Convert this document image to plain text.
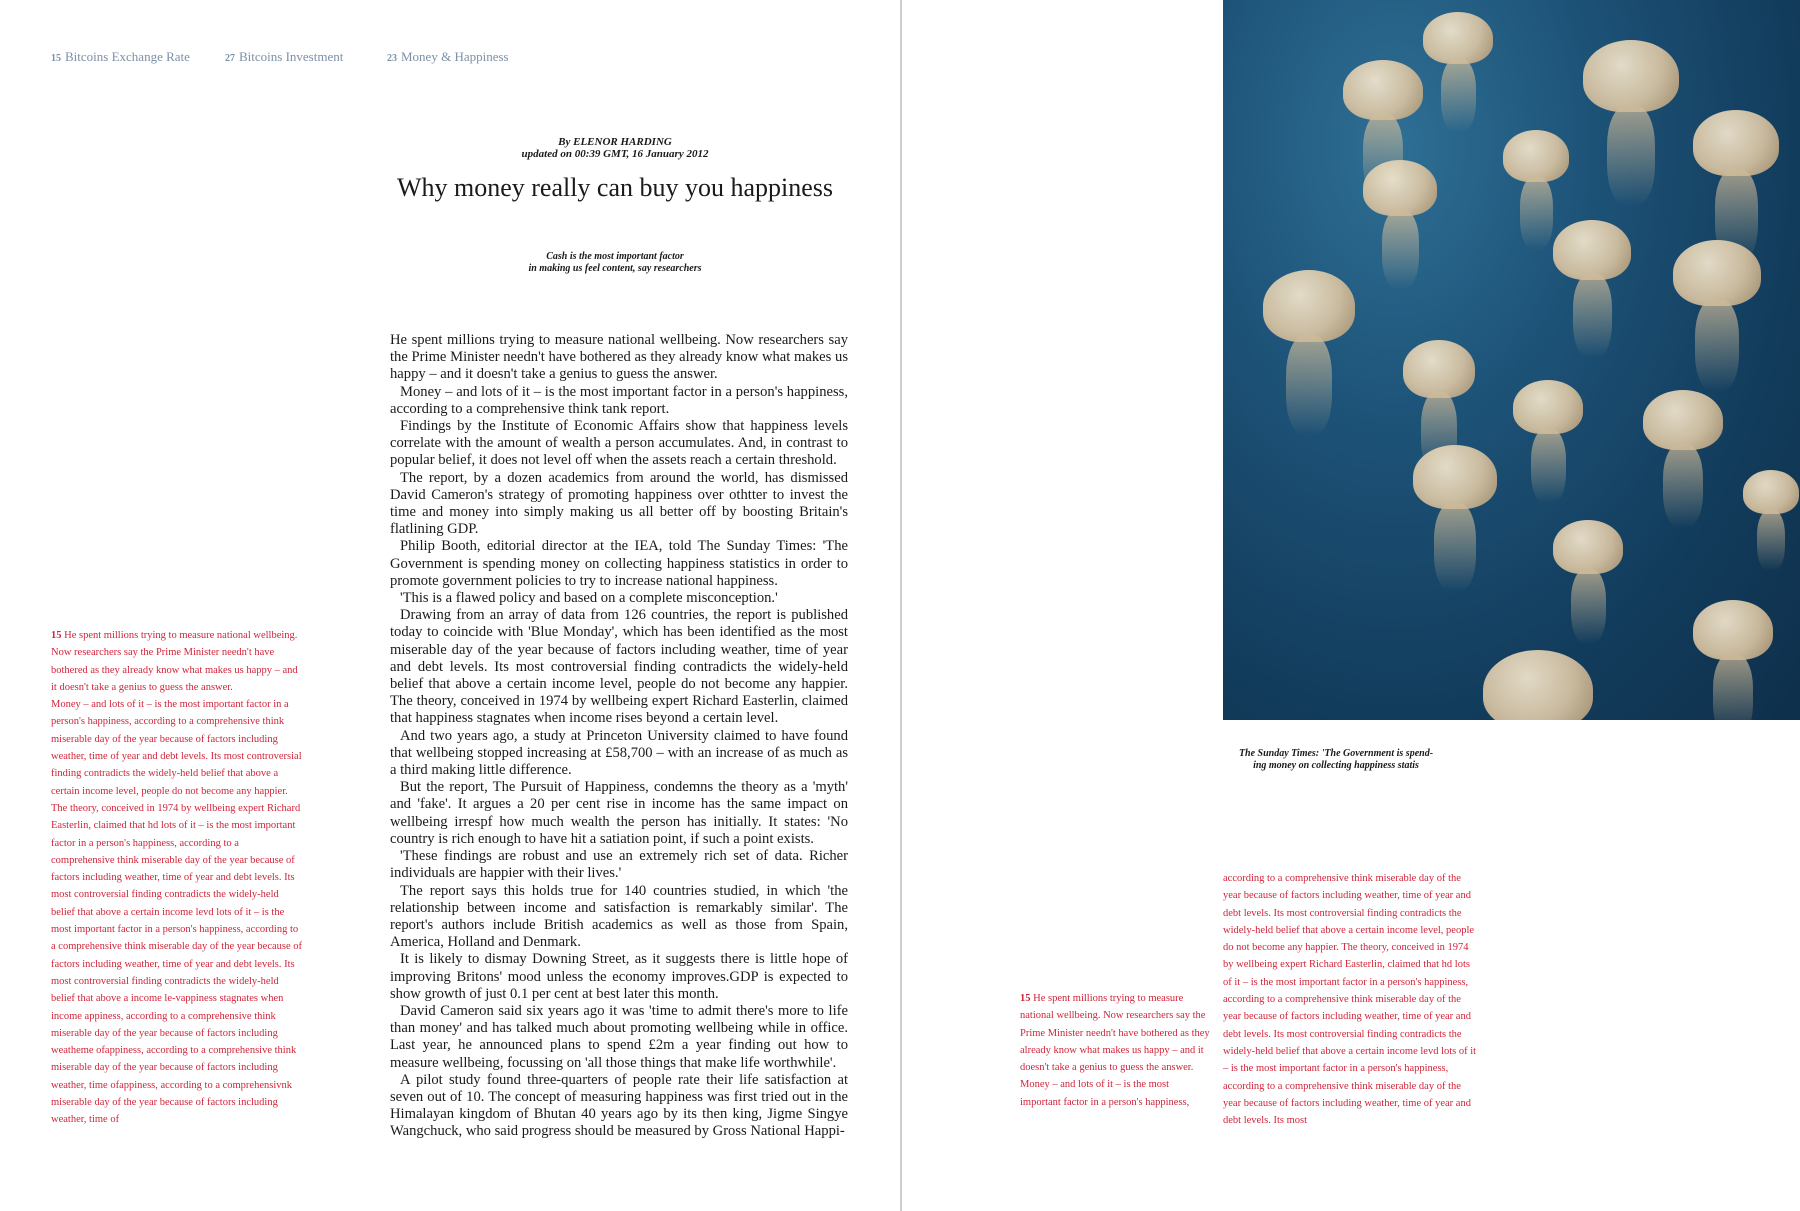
15 Bitcoins Exchange Rate	27 Bitcoins Investment	23 Money & Happiness
By ELENOR HARDING
updated on 00:39 GMT, 16 January 2012
Why money really can buy you happiness
Cash is the most important factor
in making us feel content, say researchers

He spent millions trying to measure national wellbeing. Now researchers say the Prime Minister needn't have bothered as they already know what makes us happy – and it doesn't take a genius to guess the answer.

Money – and lots of it – is the most important factor in a person's happiness, according to a comprehensive think tank report.

Findings by the Institute of Economic Affairs show that happiness levels correlate with the amount of wealth a person accumulates. And, in contrast to popular belief, it does not level off when the assets reach a certain threshold.

The report, by a dozen academics from around the world, has dismissed David Cameron's strategy of promoting happiness over othtter to invest the time and money into simply making us all better off by boosting Britain's flatlining GDP.

Philip Booth, editorial director at the IEA, told The Sunday Times: 'The Government is spending money on collecting happiness statistics in order to promote government policies to try to increase national happiness.

'This is a flawed policy and based on a complete misconception.'

Drawing from an array of data from 126 countries, the report is published today to coincide with 'Blue Monday', which has been identified as the most miserable day of the year because of factors including weather, time of year and debt levels. Its most controversial finding contradicts the widely-held belief that above a certain income level, people do not become any happier. The theory, conceived in 1974 by wellbeing expert Richard Easterlin, claimed that happiness stagnates when income rises beyond a certain level.

And two years ago, a study at Princeton University claimed to have found that wellbeing stopped increasing at £58,700 – with an increase of as much as a third making little difference.

But the report, The Pursuit of Happiness, condemns the theory as a 'myth' and 'fake'. It argues a 20 per cent rise in income has the same impact on wellbeing irrespf how much wealth the person has initially. It states: 'No country is rich enough to have hit a satiation point, if such a point exists.

'These findings are robust and use an extremely rich set of data. Richer individuals are happier with their lives.'

The report says this holds true for 140 countries studied, in which 'the relationship between income and satisfaction is remarkably similar'. The report's authors include British academics as well as those from Spain, America, Holland and Denmark.

It is likely to dismay Downing Street, as it suggests there is little hope of improving Britons' mood unless the economy improves.GDP is expected to show growth of just 0.1 per cent at best later this month.

David Cameron said six years ago it was 'time to admit there's more to life than money' and has talked much about promoting wellbeing while in office. Last year, he announced plans to spend £2m a year finding out how to measure wellbeing, focussing on 'all those things that make life worthwhile'.

A pilot study found three-quarters of people rate their life satisfaction at seven out of 10. The concept of measuring happiness was first tried out in the Himalayan kingdom of Bhutan 40 years ago by its then king, Jigme Singye Wangchuck, who said progress should be measured by Gross National Happi-

15 He spent millions trying to measure national wellbeing. Now researchers say the Prime Minister needn't have bothered as they already know what makes us happy – and it doesn't take a genius to guess the answer.

Money – and lots of it – is the most important factor in a person's happiness, according to a comprehensive think miserable day of the year because of factors including weather, time of year and debt levels. Its most controversial finding contradicts the widely-held belief that above a certain income level, people do not become any happier. The theory, conceived in 1974 by wellbeing expert Richard Easterlin, claimed that hd lots of it – is the most important factor in a person's happiness, according to a comprehensive think miserable day of the year because of factors including weather, time of year and debt levels. Its most controversial finding contradicts the widely-held belief that above a certain income levd lots of it – is the most important factor in a person's happiness, according to a comprehensive think miserable day of the year because of factors including weather, time of year and debt levels. Its most controversial finding contradicts the widely-held belief that above a income le-vappiness stagnates when income appiness, according to a comprehensive think miserable day of the year because of factors including weatheme ofappiness, according to a comprehensive think miserable day of the year because of factors including weather, time ofappiness, according to a comprehensivnk miserable day of the year because of factors including weather, time of

The Sunday Times: 'The Government is spend-
ing money on collecting happiness statis

15 He spent millions trying to measure national wellbeing. Now researchers say the Prime Minister needn't have bothered as they already know what makes us happy – and it doesn't take a genius to guess the answer.

Money – and lots of it – is the most important factor in a person's happiness,

according to a comprehensive think miserable day of the year because of factors including weather, time of year and debt levels. Its most controversial finding contradicts the widely-held belief that above a certain income level, people do not become any happier. The theory, conceived in 1974 by wellbeing expert Richard Easterlin, claimed that hd lots of it – is the most important factor in a person's happiness, according to a comprehensive think miserable day of the year because of factors including weather, time of year and debt levels. Its most controversial finding contradicts the widely-held belief that above a certain income levd lots of it – is the most important factor in a person's happiness, according to a comprehensive think miserable day of the year because of factors including weather, time of year and debt levels. Its most
